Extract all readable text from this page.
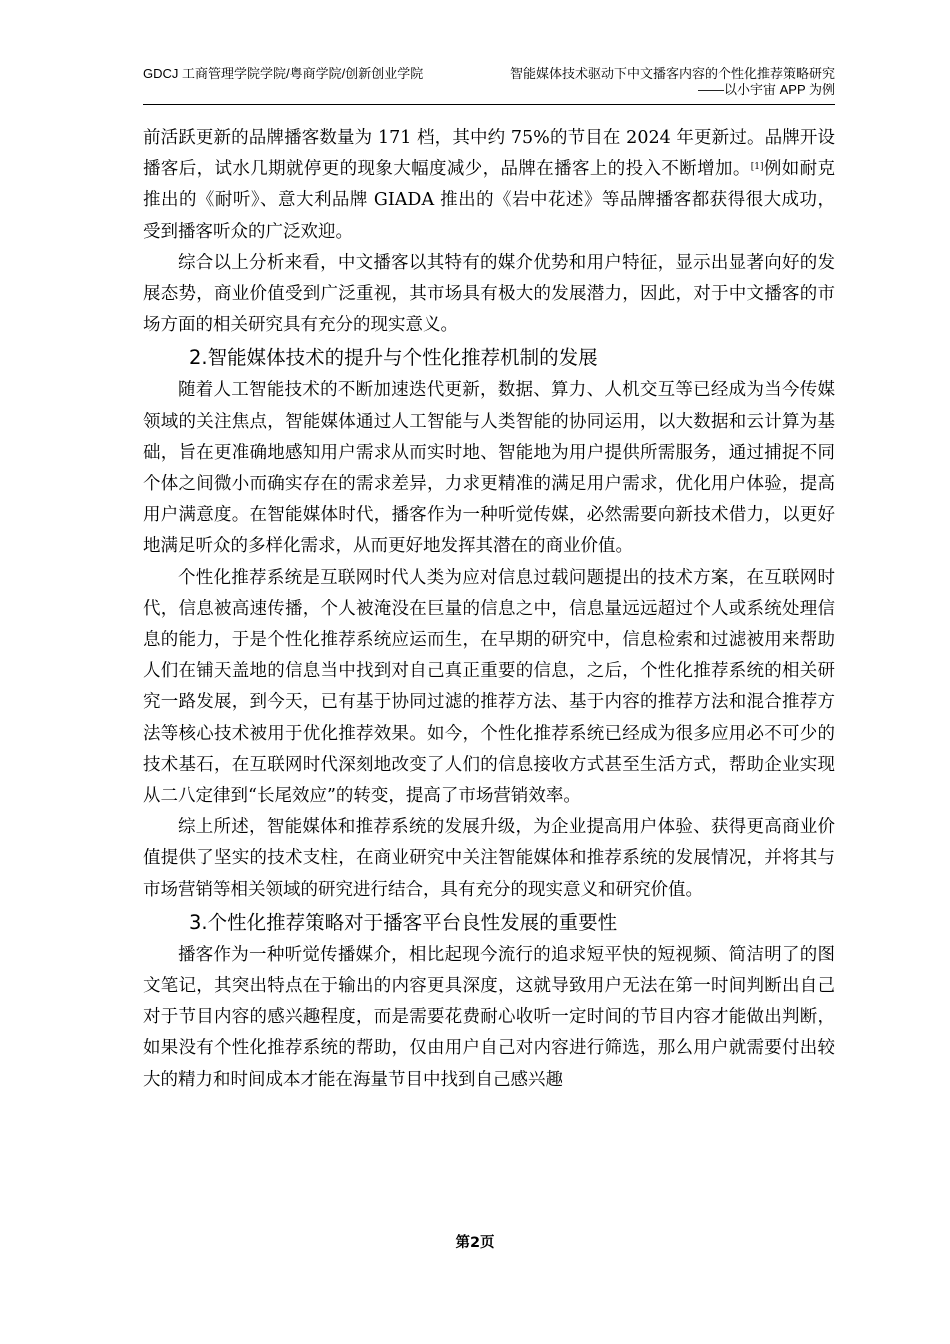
GDCJ 工商管理学院学院/粤商学院/创新创业学院	智能媒体技术驱动下中文播客内容的个性化推荐策略研究
——以小宇宙 APP 为例

前活跃更新的品牌播客数量为 171 档，其中约 75%的节目在 2024 年更新过。品牌开设播客后，试水几期就停更的现象大幅度减少，品牌在播客上的投入不断增加。[1]例如耐克推出的《耐听》、意大利品牌 GIADA 推出的《岩中花述》等品牌播客都获得很大成功，受到播客听众的广泛欢迎。

综合以上分析来看，中文播客以其特有的媒介优势和用户特征，显示出显著向好的发展态势，商业价值受到广泛重视，其市场具有极大的发展潜力，因此，对于中文播客的市场方面的相关研究具有充分的现实意义。

2.智能媒体技术的提升与个性化推荐机制的发展

随着人工智能技术的不断加速迭代更新，数据、算力、人机交互等已经成为当今传媒领域的关注焦点，智能媒体通过人工智能与人类智能的协同运用，以大数据和云计算为基础，旨在更准确地感知用户需求从而实时地、智能地为用户提供所需服务，通过捕捉不同个体之间微小而确实存在的需求差异，力求更精准的满足用户需求，优化用户体验，提高用户满意度。在智能媒体时代，播客作为一种听觉传媒，必然需要向新技术借力，以更好地满足听众的多样化需求，从而更好地发挥其潜在的商业价值。

个性化推荐系统是互联网时代人类为应对信息过载问题提出的技术方案，在互联网时代，信息被高速传播，个人被淹没在巨量的信息之中，信息量远远超过个人或系统处理信息的能力，于是个性化推荐系统应运而生，在早期的研究中，信息检索和过滤被用来帮助人们在铺天盖地的信息当中找到对自己真正重要的信息，之后，个性化推荐系统的相关研究一路发展，到今天，已有基于协同过滤的推荐方法、基于内容的推荐方法和混合推荐方法等核心技术被用于优化推荐效果。如今，个性化推荐系统已经成为很多应用必不可少的技术基石，在互联网时代深刻地改变了人们的信息接收方式甚至生活方式，帮助企业实现从二八定律到“长尾效应”的转变，提高了市场营销效率。

综上所述，智能媒体和推荐系统的发展升级，为企业提高用户体验、获得更高商业价值提供了坚实的技术支柱，在商业研究中关注智能媒体和推荐系统的发展情况，并将其与市场营销等相关领域的研究进行结合，具有充分的现实意义和研究价值。

3.个性化推荐策略对于播客平台良性发展的重要性

播客作为一种听觉传播媒介，相比起现今流行的追求短平快的短视频、简洁明了的图文笔记，其突出特点在于输出的内容更具深度，这就导致用户无法在第一时间判断出自己对于节目内容的感兴趣程度，而是需要花费耐心收听一定时间的节目内容才能做出判断，如果没有个性化推荐系统的帮助，仅由用户自己对内容进行筛选，那么用户就需要付出较大的精力和时间成本才能在海量节目中找到自己感兴趣

第2页
